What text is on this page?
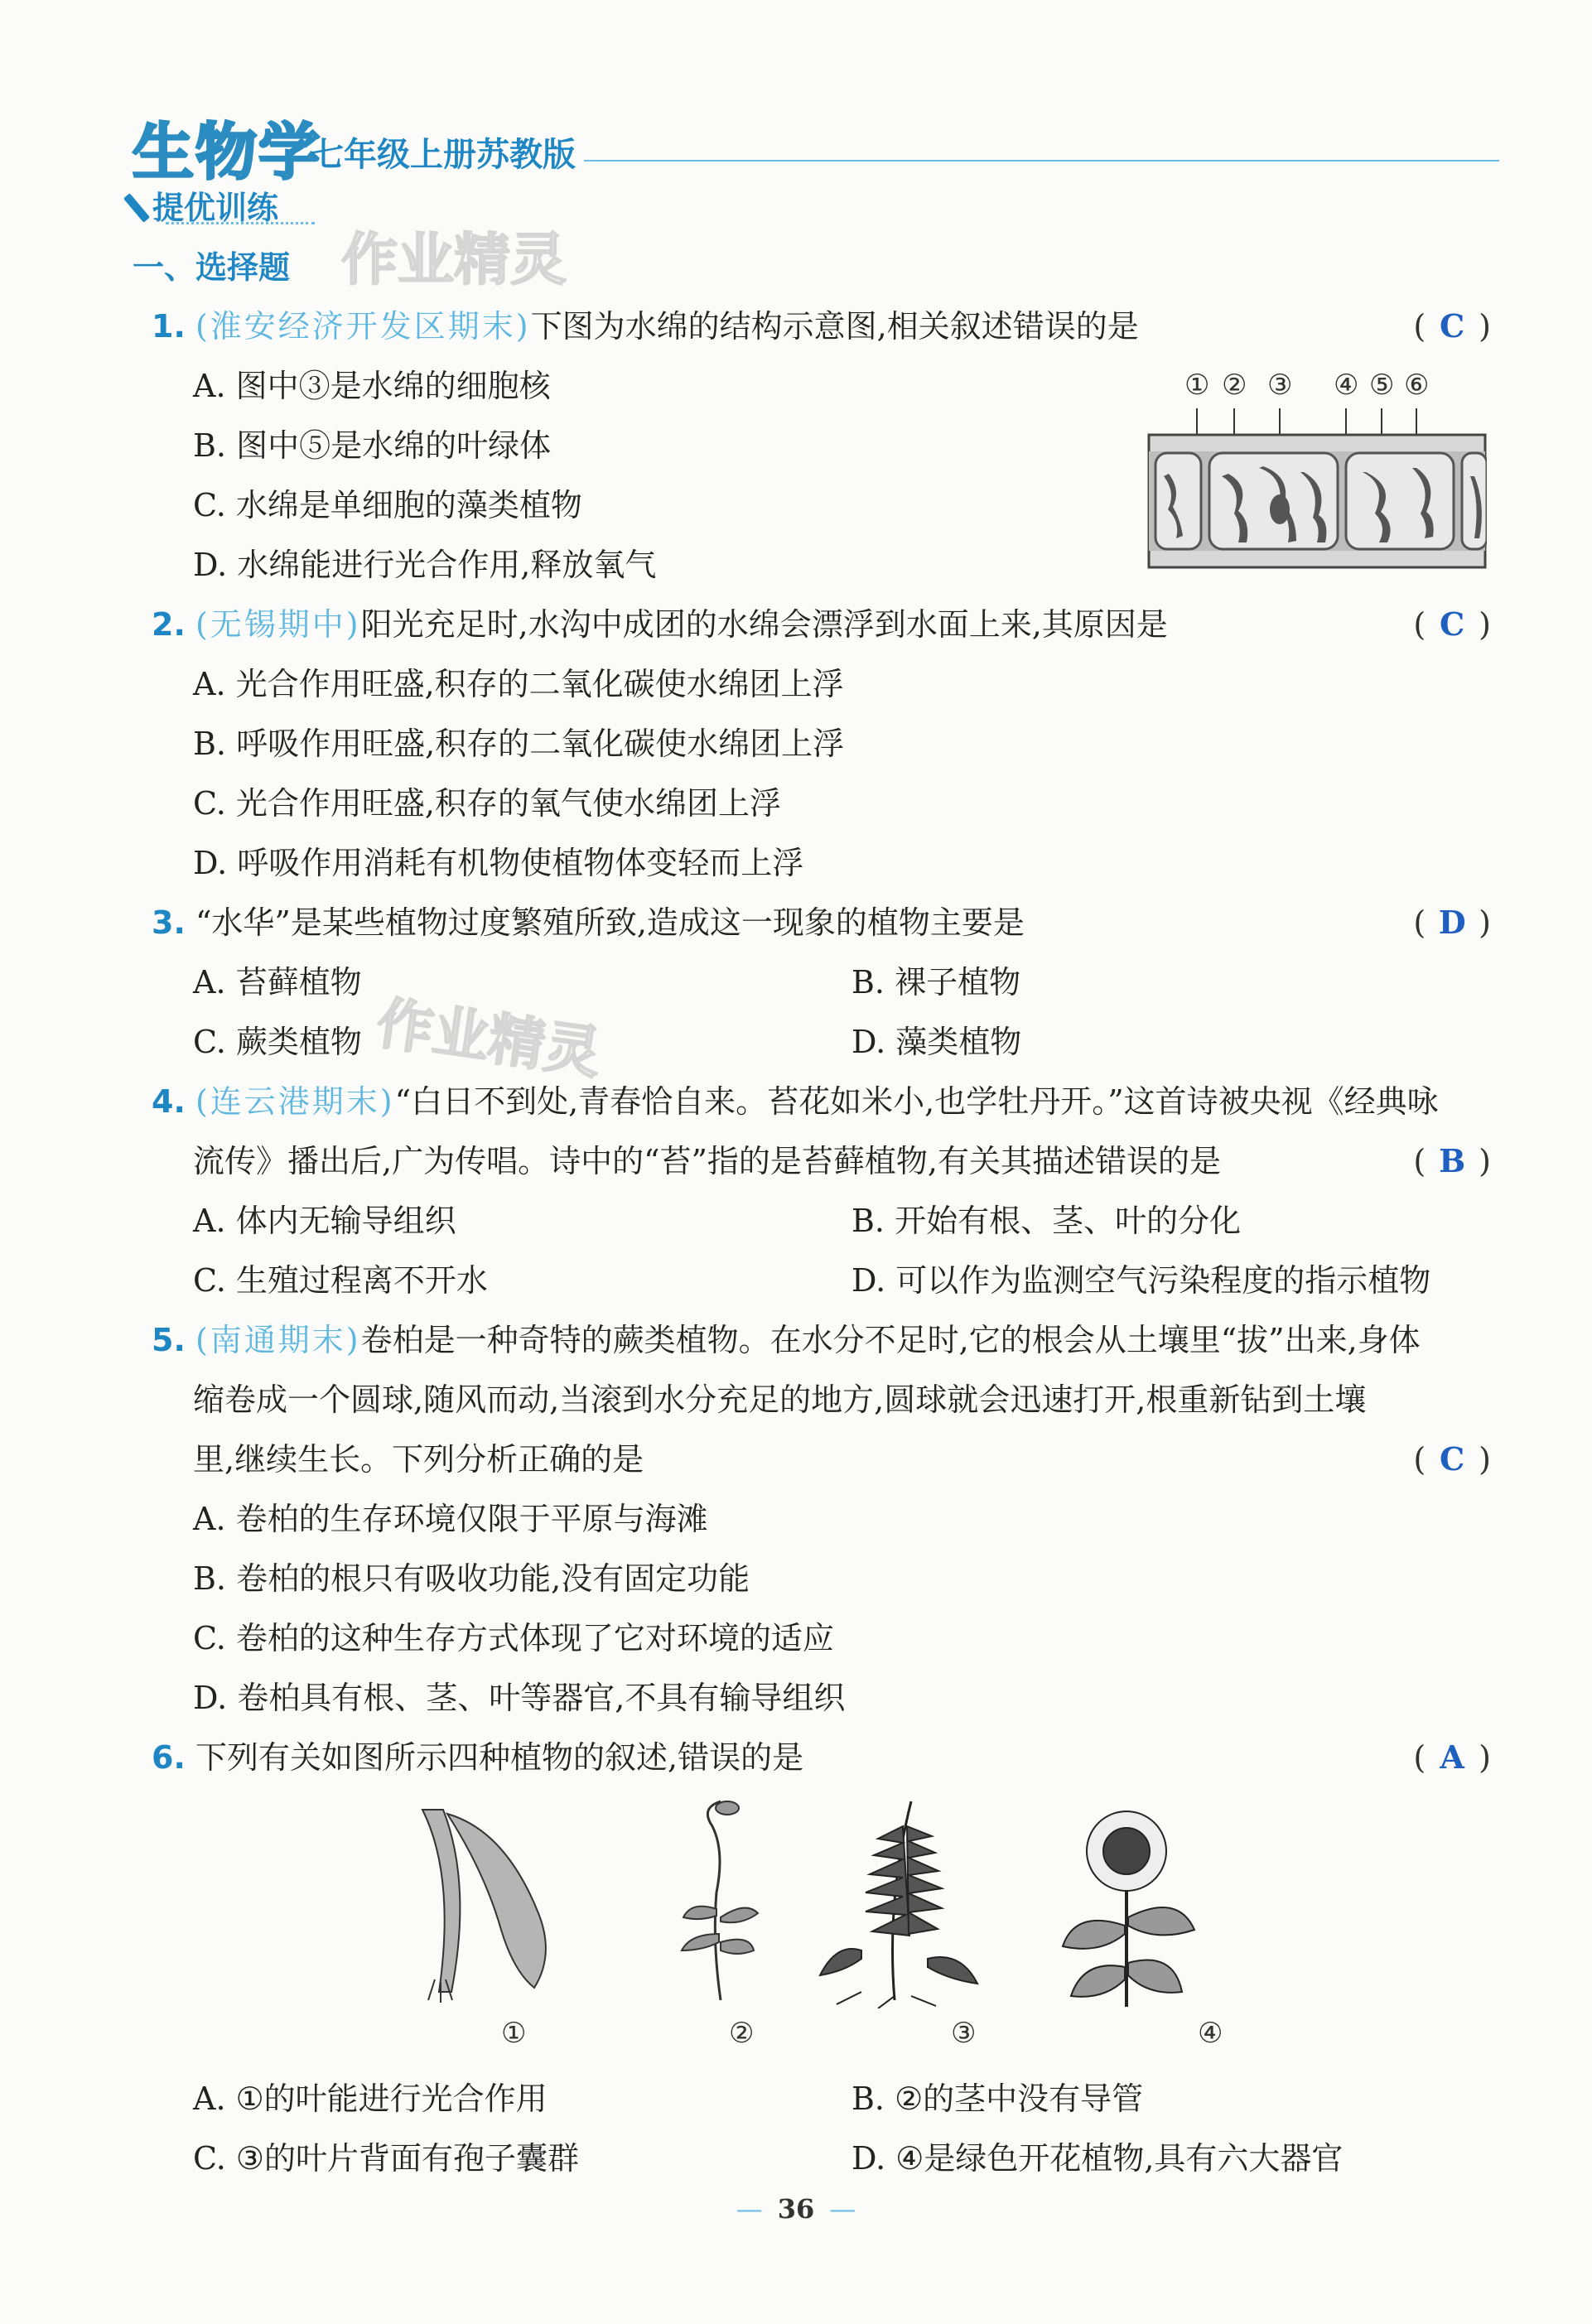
生物学
七年级上册苏教版
提优训练
一、选择题 作业精灵
作业精灵
1. (淮安经济开发区期末)下图为水绵的结构示意图,相关叙述错误的是	( C )
A. 图中③是水绵的细胞核
B. 图中⑤是水绵的叶绿体
C. 水绵是单细胞的藻类植物
D. 水绵能进行光合作用,释放氧气
① ② ③ ④ ⑤ ⑥
2. (无锡期中)阳光充足时,水沟中成团的水绵会漂浮到水面上来,其原因是	( C )
A. 光合作用旺盛,积存的二氧化碳使水绵团上浮
B. 呼吸作用旺盛,积存的二氧化碳使水绵团上浮
C. 光合作用旺盛,积存的氧气使水绵团上浮
D. 呼吸作用消耗有机物使植物体变轻而上浮
3. “水华”是某些植物过度繁殖所致,造成这一现象的植物主要是	( D )
A. 苔藓植物	B. 裸子植物
C. 蕨类植物	D. 藻类植物
4. (连云港期末)“白日不到处,青春恰自来。苔花如米小,也学牡丹开。”这首诗被央视《经典咏
流传》播出后,广为传唱。诗中的“苔”指的是苔藓植物,有关其描述错误的是	( B )
A. 体内无输导组织	B. 开始有根、茎、叶的分化
C. 生殖过程离不开水	D. 可以作为监测空气污染程度的指示植物
5. (南通期末)卷柏是一种奇特的蕨类植物。在水分不足时,它的根会从土壤里“拔”出来,身体
缩卷成一个圆球,随风而动,当滚到水分充足的地方,圆球就会迅速打开,根重新钻到土壤
里,继续生长。下列分析正确的是	( C )
A. 卷柏的生存环境仅限于平原与海滩
B. 卷柏的根只有吸收功能,没有固定功能
C. 卷柏的这种生存方式体现了它对环境的适应
D. 卷柏具有根、茎、叶等器官,不具有输导组织
6. 下列有关如图所示四种植物的叙述,错误的是	( A )
①	②	③	④
A. ①的叶能进行光合作用	B. ②的茎中没有导管
C. ③的叶片背面有孢子囊群	D. ④是绿色开花植物,具有六大器官
— 36 —
